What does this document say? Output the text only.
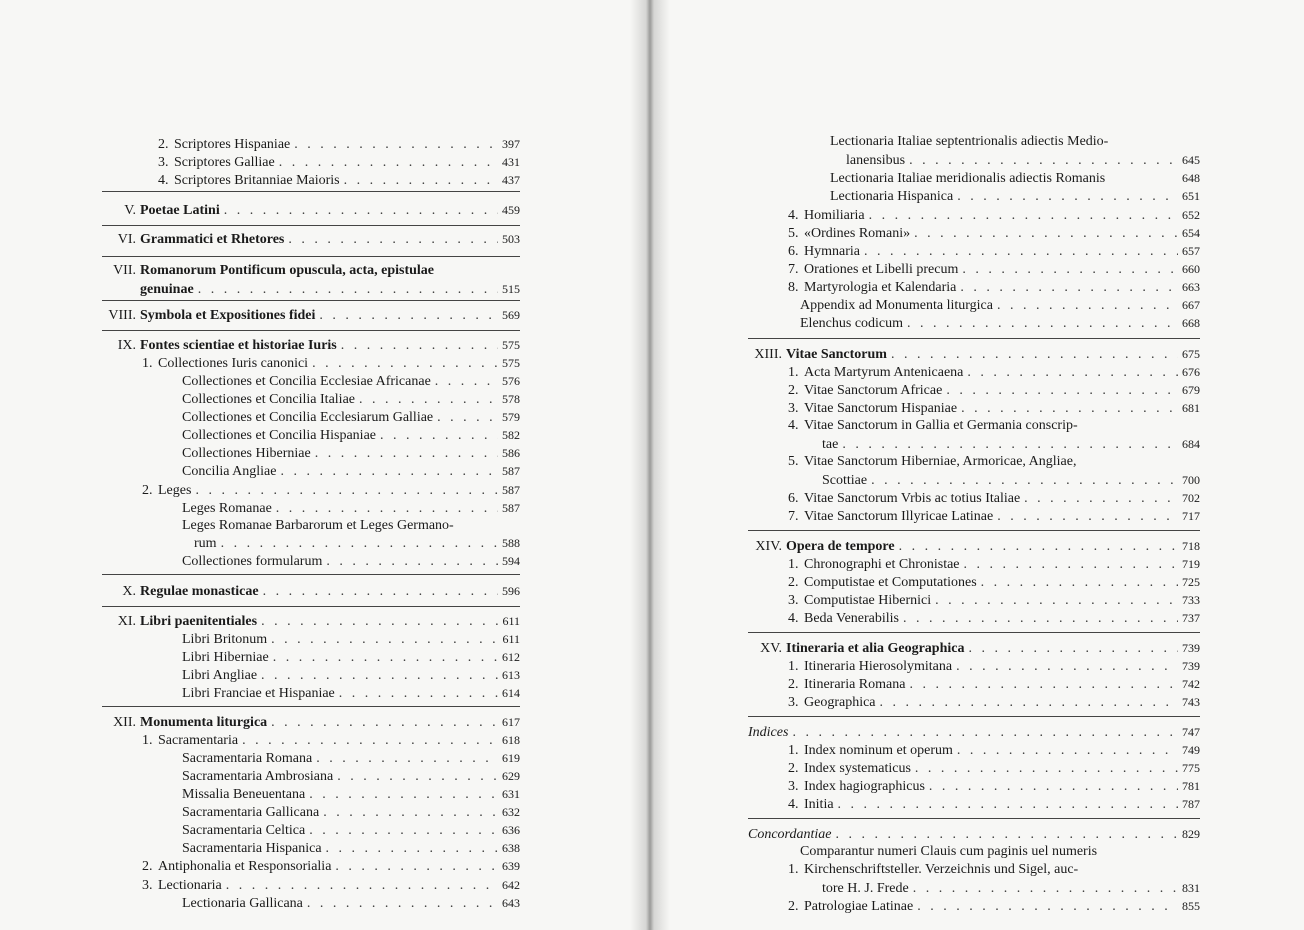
2. Scriptores Hispaniae . . .	397
3. Scriptores Galliae . . .	431
4. Scriptores Britanniae Maioris . . .	437
V. Poetae Latini . . .	459
VI. Grammatici et Rhetores . . .	503
VII. Romanorum Pontificum opuscula, acta, epistulae
genuinae . . .	515
VIII. Symbola et Expositiones fidei . . .	569
IX. Fontes scientiae et historiae Iuris . . .	575
1. Collectiones Iuris canonici . . .	575
Collectiones et Concilia Ecclesiae Africanae . . .	576
Collectiones et Concilia Italiae . . .	578
Collectiones et Concilia Ecclesiarum Galliae . . .	579
Collectiones et Concilia Hispaniae . . .	582
Collectiones Hiberniae . . .	586
Concilia Angliae . . .	587
2. Leges . . .	587
Leges Romanae . . .	587
Leges Romanae Barbarorum et Leges Germano-
rum . . .	588
Collectiones formularum . . .	594
X. Regulae monasticae . . .	596
XI. Libri paenitentiales . . .	611
Libri Britonum . . .	611
Libri Hiberniae . . .	612
Libri Angliae . . .	613
Libri Franciae et Hispaniae . . .	614
XII. Monumenta liturgica . . .	617
1. Sacramentaria . . .	618
Sacramentaria Romana . . .	619
Sacramentaria Ambrosiana . . .	629
Missalia Beneuentana . . .	631
Sacramentaria Gallicana . . .	632
Sacramentaria Celtica . . .	636
Sacramentaria Hispanica . . .	638
2. Antiphonalia et Responsorialia . . .	639
3. Lectionaria . . .	642
Lectionaria Gallicana . . .	643
Lectionaria Italiae septentrionalis adiectis Medio-
lanensibus . . .	645
Lectionaria Italiae meridionalis adiectis Romanis	648
Lectionaria Hispanica . . .	651
4. Homiliaria . . .	652
5. «Ordines Romani» . . .	654
6. Hymnaria . . .	657
7. Orationes et Libelli precum . . .	660
8. Martyrologia et Kalendaria . . .	663
Appendix ad Monumenta liturgica . . .	667
Elenchus codicum . . .	668
XIII. Vitae Sanctorum . . .	675
1. Acta Martyrum Antenicaena . . .	676
2. Vitae Sanctorum Africae . . .	679
3. Vitae Sanctorum Hispaniae . . .	681
4. Vitae Sanctorum in Gallia et Germania conscrip-
tae . . .	684
5. Vitae Sanctorum Hiberniae, Armoricae, Angliae,
Scottiae . . .	700
6. Vitae Sanctorum Vrbis ac totius Italiae . . .	702
7. Vitae Sanctorum Illyricae Latinae . . .	717
XIV. Opera de tempore . . .	718
1. Chronographi et Chronistae . . .	719
2. Computistae et Computationes . . .	725
3. Computistae Hibernici . . .	733
4. Beda Venerabilis . . .	737
XV. Itineraria et alia Geographica . . .	739
1. Itineraria Hierosolymitana . . .	739
2. Itineraria Romana . . .	742
3. Geographica . . .	743
Indices . . .	747
1. Index nominum et operum . . .	749
2. Index systematicus . . .	775
3. Index hagiographicus . . .	781
4. Initia . . .	787
Concordantiae . . .	829
Comparantur numeri Clauis cum paginis uel numeris
1. Kirchenschriftsteller. Verzeichnis und Sigel, auc-
tore H. J. Frede . . .	831
2. Patrologiae Latinae . . .	855
